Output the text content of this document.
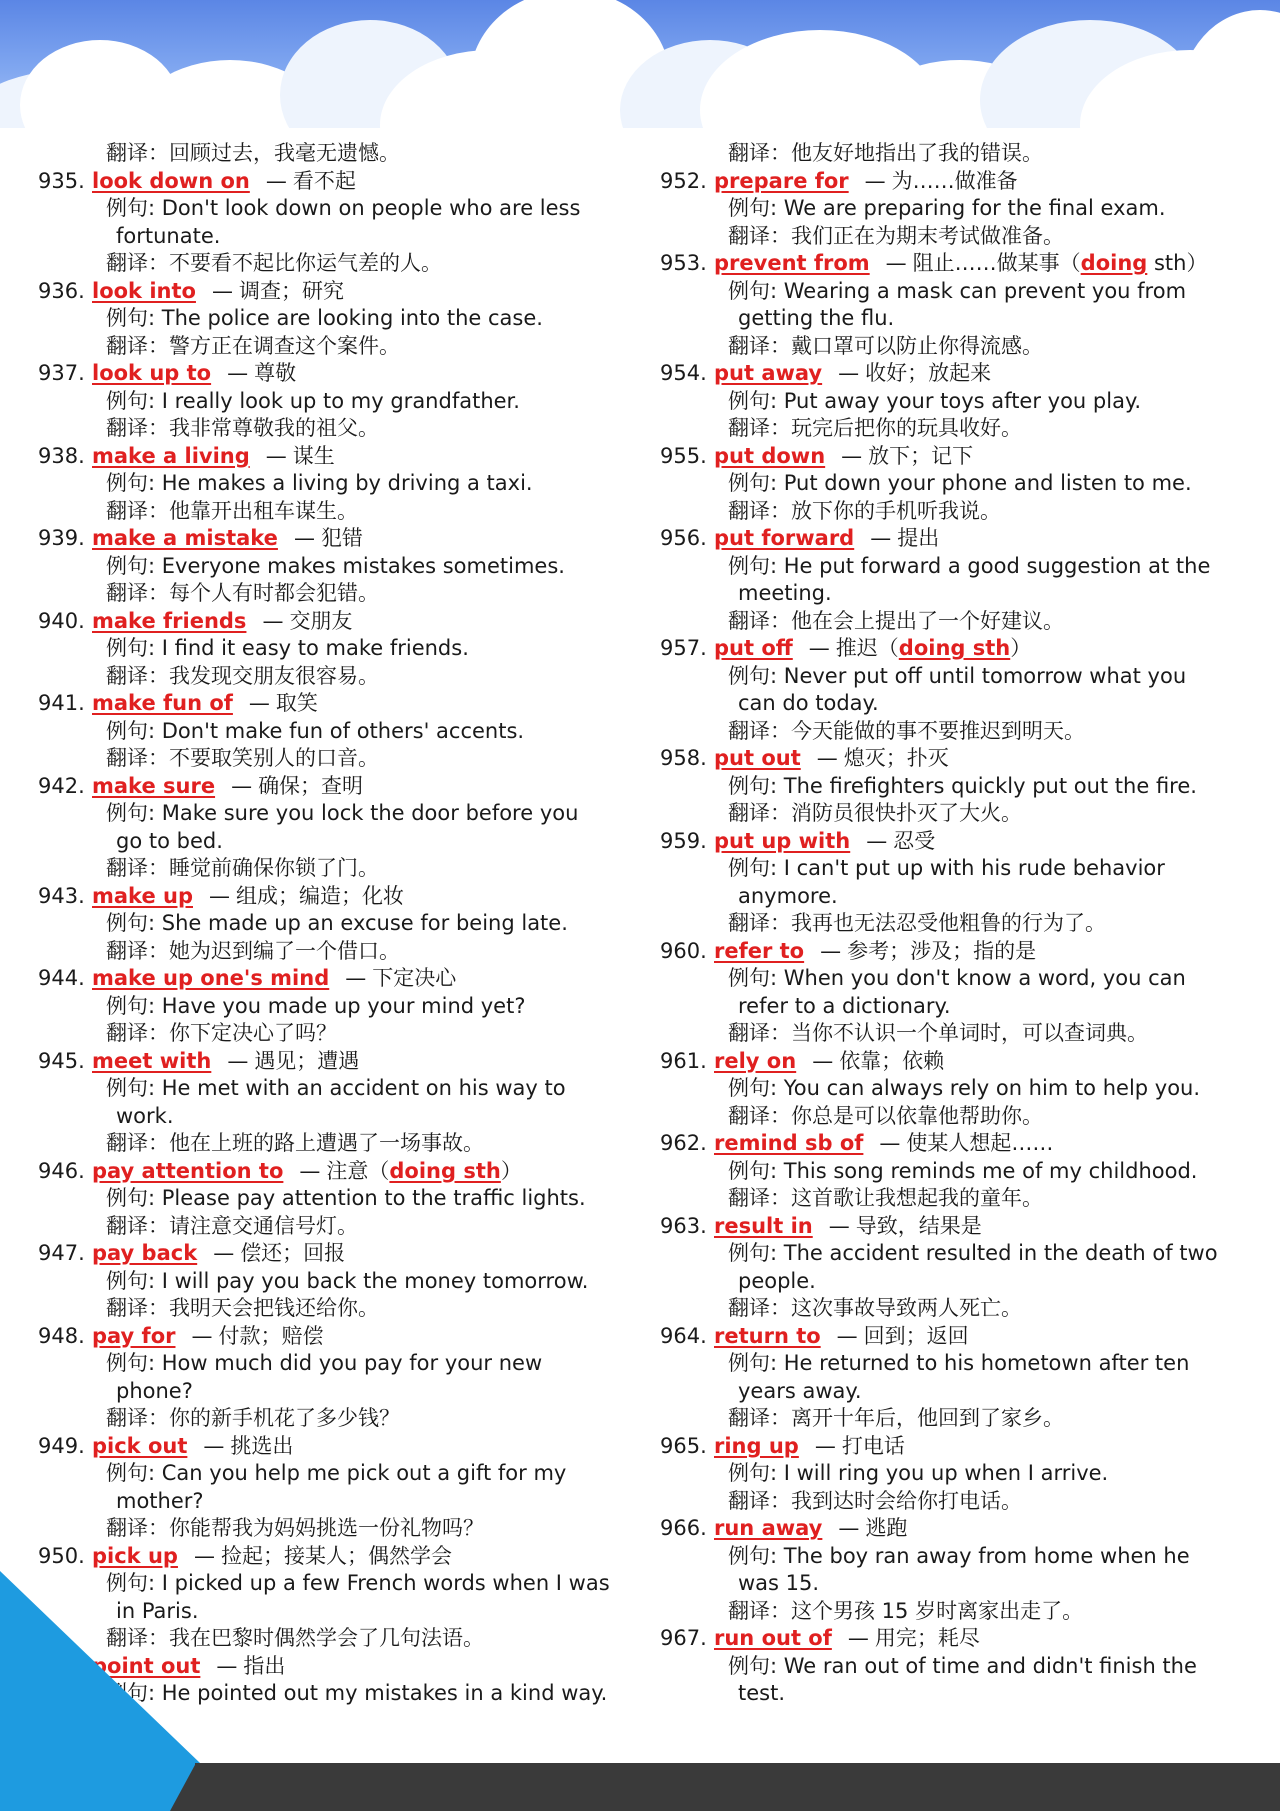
翻译：回顾过去，我毫无遗憾。
935. look down on — 看不起
例句: Don't look down on people who are less
fortunate.
翻译：不要看不起比你运气差的人。
936. look into — 调查；研究
例句: The police are looking into the case.
翻译：警方正在调查这个案件。
937. look up to — 尊敬
例句: I really look up to my grandfather.
翻译：我非常尊敬我的祖父。
938. make a living — 谋生
例句: He makes a living by driving a taxi.
翻译：他靠开出租车谋生。
939. make a mistake — 犯错
例句: Everyone makes mistakes sometimes.
翻译：每个人有时都会犯错。
940. make friends — 交朋友
例句: I find it easy to make friends.
翻译：我发现交朋友很容易。
941. make fun of — 取笑
例句: Don't make fun of others' accents.
翻译：不要取笑别人的口音。
942. make sure — 确保；查明
例句: Make sure you lock the door before you
go to bed.
翻译：睡觉前确保你锁了门。
943. make up — 组成；编造；化妆
例句: She made up an excuse for being late.
翻译：她为迟到编了一个借口。
944. make up one's mind — 下定决心
例句: Have you made up your mind yet?
翻译：你下定决心了吗？
945. meet with — 遇见；遭遇
例句: He met with an accident on his way to
work.
翻译：他在上班的路上遭遇了一场事故。
946. pay attention to — 注意（doing sth）
例句: Please pay attention to the traffic lights.
翻译：请注意交通信号灯。
947. pay back — 偿还；回报
例句: I will pay you back the money tomorrow.
翻译：我明天会把钱还给你。
948. pay for — 付款；赔偿
例句: How much did you pay for your new
phone?
翻译：你的新手机花了多少钱？
949. pick out — 挑选出
例句: Can you help me pick out a gift for my
mother?
翻译：你能帮我为妈妈挑选一份礼物吗？
950. pick up — 捡起；接某人；偶然学会
例句: I picked up a few French words when I was
in Paris.
翻译：我在巴黎时偶然学会了几句法语。
951. point out — 指出
例句: He pointed out my mistakes in a kind way.
翻译：他友好地指出了我的错误。
952. prepare for — 为……做准备
例句: We are preparing for the final exam.
翻译：我们正在为期末考试做准备。
953. prevent from — 阻止……做某事（doing sth）
例句: Wearing a mask can prevent you from
getting the flu.
翻译：戴口罩可以防止你得流感。
954. put away — 收好；放起来
例句: Put away your toys after you play.
翻译：玩完后把你的玩具收好。
955. put down — 放下；记下
例句: Put down your phone and listen to me.
翻译：放下你的手机听我说。
956. put forward — 提出
例句: He put forward a good suggestion at the
meeting.
翻译：他在会上提出了一个好建议。
957. put off — 推迟（doing sth）
例句: Never put off until tomorrow what you
can do today.
翻译：今天能做的事不要推迟到明天。
958. put out — 熄灭；扑灭
例句: The firefighters quickly put out the fire.
翻译：消防员很快扑灭了大火。
959. put up with — 忍受
例句: I can't put up with his rude behavior
anymore.
翻译：我再也无法忍受他粗鲁的行为了。
960. refer to — 参考；涉及；指的是
例句: When you don't know a word, you can
refer to a dictionary.
翻译：当你不认识一个单词时，可以查词典。
961. rely on — 依靠；依赖
例句: You can always rely on him to help you.
翻译：你总是可以依靠他帮助你。
962. remind sb of — 使某人想起……
例句: This song reminds me of my childhood.
翻译：这首歌让我想起我的童年。
963. result in — 导致，结果是
例句: The accident resulted in the death of two
people.
翻译：这次事故导致两人死亡。
964. return to — 回到；返回
例句: He returned to his hometown after ten
years away.
翻译：离开十年后，他回到了家乡。
965. ring up — 打电话
例句: I will ring you up when I arrive.
翻译：我到达时会给你打电话。
966. run away — 逃跑
例句: The boy ran away from home when he
was 15.
翻译：这个男孩 15 岁时离家出走了。
967. run out of — 用完；耗尽
例句: We ran out of time and didn't finish the
test.
